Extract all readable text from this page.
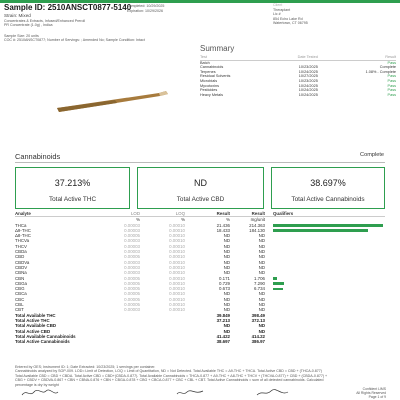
Sample ID: 2510ANSCT0877-5140
Strain: Mixed
Concentrates & Extracts, Infused/Enhanced Preroll
PR Concentrate (1.0g) , Indica
Sample Size: 20 units
COC #: 2510ANSCT0877; Number of Servings: ; Amended No; Sample Condition: Intact
Completed: 10/29/2025
Expiration: 10/29/2026
Client
Theraplant
Lic #
854 Echo Lake Rd
Watertown, CT 06795
Summary
Test	Date Tested	Result
Batch		Pass
Cannabinoids	10/23/2025	Complete
Terpenes	10/24/2025	1.08% - Complete
Residual Solvents	10/27/2025	Pass
Microbials	10/23/2025	Pass
Mycotoxins	10/24/2025	Pass
Pesticides	10/24/2025	Pass
Heavy Metals	10/24/2025	Pass
Cannabinoids	Complete
37.213%
Total Active THC
ND
Total Active CBD
38.697%
Total Active Cannabinoids
Analyte	LOD	LOQ	Result	Result		Qualifiers
	%	%	%	mg/unit		
THCa	0.00003	0.00010	21.436	214.363		
Δ9-THC	0.00003	0.00010	18.433	184.130		
Δ8-THC	0.00005	0.00010	ND	ND		
THCVa	0.00003	0.00010	ND	ND		
THCV	0.00003	0.00010	ND	ND		
CBDa	0.00003	0.00010	ND	ND		
CBD	0.00005	0.00010	ND	ND		
CBDVa	0.00003	0.00010	ND	ND		
CBDV	0.00003	0.00010	ND	ND		
CBNa	0.00003	0.00010	ND	ND		
CBN	0.00005	0.00010	0.171	1.706		
CBGa	0.00005	0.00010	0.729	7.290		
CBG	0.00005	0.00010	0.673	6.734		
CBCa	0.00005	0.00010	ND	ND		
CBC	0.00005	0.00010	ND	ND		
CBL	0.00005	0.00010	ND	ND		
CBT	0.00003	0.00010	ND	ND		
Total Available THC			39.849	398.49		
Total Active THC			37.213	372.13		
Total Available CBD			ND	ND		
Total Active CBD			ND	ND		
Total Available Cannabinoids			41.422	414.22		
Total Active Cannabinoids			38.697	386.97		
Entered by OES; Instrument ID: 1; Date Extracted: 10/23/2025; 1 servings per container.
Cannabinoids analyzed by SOP-009. LOD= Limit of Detection, LOQ = Limit of Quantitation, ND = Not Detected. Total Available THC = Δ9-THC + THCA. Total Active CBD = CBD + (THCA-0.877)
Total Available CBD = CBD + CBDA. Total Active CBD = CBD+(CBDA-0.877). Total Available Cannabinoids = THCA-0.877 + Δ9-THC + Δ8-THC + THCV + (THCVA-0.877) + CBD + (CBDA-0.877) +
CBG + CBDV + CBDVA-0.867 + CBN + CBNA-0.876 + CBN + CBGA-0.878 + CBG + CBCA-0.877 + CBC + CBL + CBT. Total Active Cannabinoids = sum of all detected cannabinoids. Calculated
percentage is dry by weight
Confident LIMS
All Rights Reserved
Page 1 of 9
